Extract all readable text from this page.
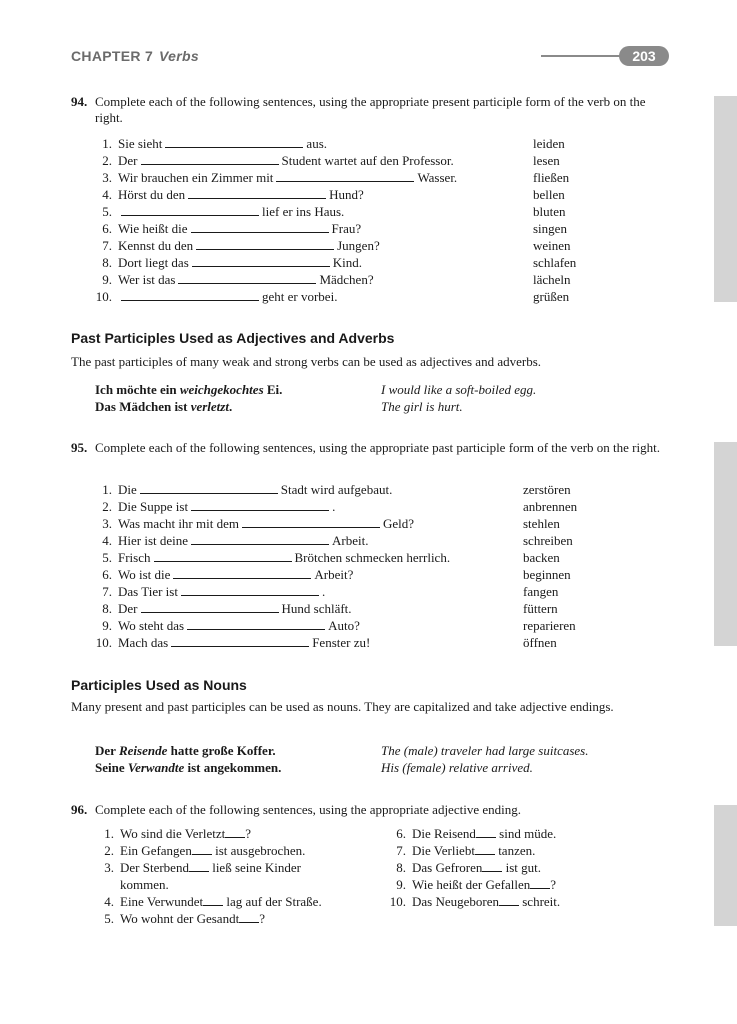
CHAPTER 7 Verbs	203
94. Complete each of the following sentences, using the appropriate present participle form of the verb on the right.
1. Sie sieht	aus.	leiden
2. Der	Student wartet auf den Professor.	lesen
3. Wir brauchen ein Zimmer mit	Wasser.	fließen
4. Hörst du den	Hund?	bellen
5.	lief er ins Haus.	bluten
6. Wie heißt die	Frau?	singen
7. Kennst du den	Jungen?	weinen
8. Dort liegt das	Kind.	schlafen
9. Wer ist das	Mädchen?	lächeln
10.	geht er vorbei.	grüßen
Past Participles Used as Adjectives and Adverbs
The past participles of many weak and strong verbs can be used as adjectives and adverbs.
Ich möchte ein weichgekochtes Ei.	I would like a soft-boiled egg.
Das Mädchen ist verletzt.	The girl is hurt.
95. Complete each of the following sentences, using the appropriate past participle form of the verb on the right.
1. Die	Stadt wird aufgebaut.	zerstören
2. Die Suppe ist	.	anbrennen
3. Was macht ihr mit dem	Geld?	stehlen
4. Hier ist deine	Arbeit.	schreiben
5. Frisch	Brötchen schmecken herrlich.	backen
6. Wo ist die	Arbeit?	beginnen
7. Das Tier ist	.	fangen
8. Der	Hund schläft.	füttern
9. Wo steht das	Auto?	reparieren
10. Mach das	Fenster zu!	öffnen
Participles Used as Nouns
Many present and past participles can be used as nouns. They are capitalized and take adjective endings.
Der Reisende hatte große Koffer.	The (male) traveler had large suitcases.
Seine Verwandte ist angekommen.	His (female) relative arrived.
96. Complete each of the following sentences, using the appropriate adjective ending.
1. Wo sind die Verletzt ?
2. Ein Gefangen ist ausgebrochen.
3. Der Sterbend ließ seine Kinder
kommen.
4. Eine Verwundet lag auf der Straße.
5. Wo wohnt der Gesandt ?
6. Die Reisend sind müde.
7. Die Verliebt tanzen.
8. Das Gefroren ist gut.
9. Wie heißt der Gefallen ?
10. Das Neugeboren schreit.
